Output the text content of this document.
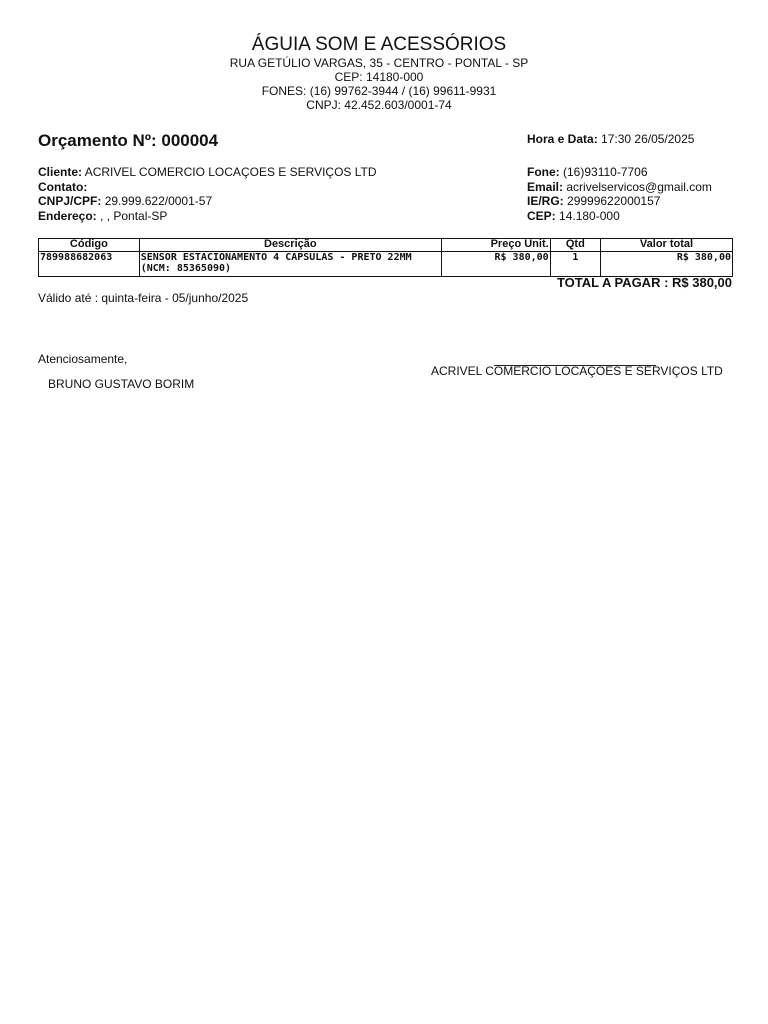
ÁGUIA SOM E ACESSÓRIOS
RUA GETÚLIO VARGAS, 35 - CENTRO - PONTAL - SP
CEP: 14180-000
FONES: (16) 99762-3944 / (16) 99611-9931
CNPJ: 42.452.603/0001-74
Orçamento Nº: 000004	Hora e Data: 17:30 26/05/2025
Cliente: ACRIVEL COMERCIO LOCAÇOES E SERVIÇOS LTD
Contato:
CNPJ/CPF: 29.999.622/0001-57
Endereço: , , Pontal-SP
Fone: (16)93110-7706
Email: acrivelservicos@gmail.com
IE/RG: 29999622000157
CEP: 14.180-000
Código	Descrição	Preço Unit.	Qtd	Valor total
789988682063	SENSOR ESTACIONAMENTO 4 CAPSULAS - PRETO 22MM (NCM: 85365090)	R$ 380,00	1	R$ 380,00
TOTAL A PAGAR : R$ 380,00
Válido até : quinta-feira - 05/junho/2025
Atenciosamente,
BRUNO GUSTAVO BORIM
ACRIVEL COMERCIO LOCAÇOES E SERVIÇOS LTD
